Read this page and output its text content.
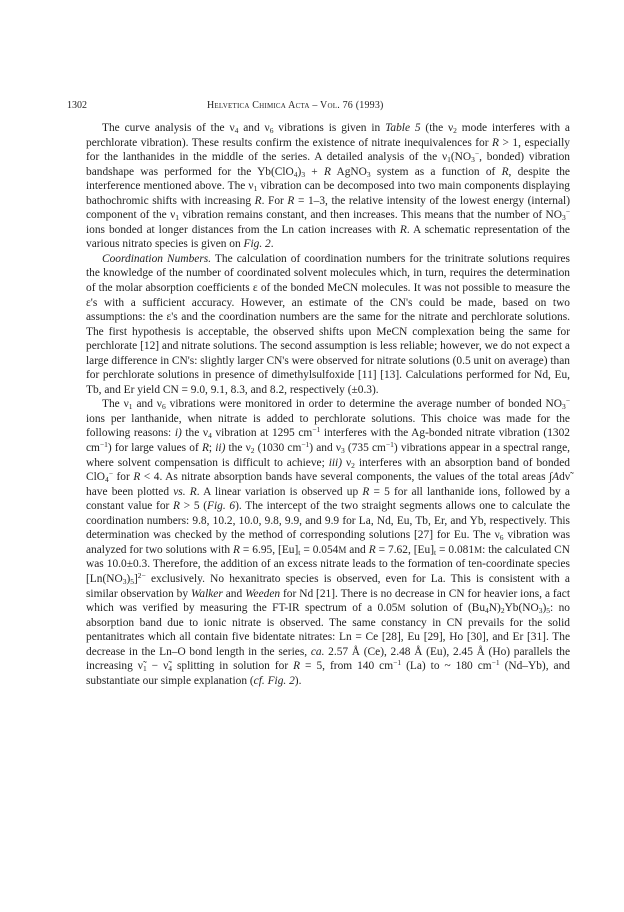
1302	Helvetica Chimica Acta – Vol. 76 (1993)

The curve analysis of the $\nu_4$ and $\nu_6$ vibrations is given in Table 5 (the $\nu_2$ mode interferes with a perchlorate vibration). These results confirm the existence of nitrate inequivalences for R > 1, especially for the lanthanides in the middle of the series. A detailed analysis of the $\nu_1(NO_3^-$, bonded) vibration bandshape was performed for the $Yb(ClO_4)_3 + R$ AgNO$_3$ system as a function of R, despite the interference mentioned above. The $\nu_1$ vibration can be decomposed into two main components displaying bathochromic shifts with increasing R. For R = 1–3, the relative intensity of the lowest energy (internal) component of the $\nu_1$ vibration remains constant, and then increases. This means that the number of $NO_3^-$ ions bonded at longer distances from the Ln cation increases with R. A schematic representation of the various nitrato species is given on Fig. 2.

Coordination Numbers. The calculation of coordination numbers for the trinitrate solutions requires the knowledge of the number of coordinated solvent molecules which, in turn, requires the determination of the molar absorption coefficients ε of the bonded MeCN molecules. It was not possible to measure the ε's with a sufficient accuracy. However, an estimate of the CN's could be made, based on two assumptions: the ε's and the coordination numbers are the same for the nitrate and perchlorate solutions. The first hypothesis is acceptable, the observed shifts upon MeCN complexation being the same for perchlorate [12] and nitrate solutions. The second assumption is less reliable; however, we do not expect a large difference in CN's: slightly larger CN's were observed for nitrate solutions (0.5 unit on average) than for perchlorate solutions in presence of dimethylsulfoxide [11] [13]. Calculations performed for Nd, Eu, Tb, and Er yield CN = 9.0, 9.1, 8.3, and 8.2, respectively (±0.3).

The $\nu_1$ and $\nu_6$ vibrations were monitored in order to determine the average number of bonded $NO_3^-$ ions per lanthanide, when nitrate is added to perchlorate solutions. This choice was made for the following reasons: i) the $\nu_4$ vibration at 1295 $cm^{-1}$ interferes with the Ag-bonded nitrate vibration (1302 $cm^{-1}$) for large values of R; ii) the $\nu_2$ (1030 $cm^{-1}$) and $\nu_3$ (735 $cm^{-1}$) vibrations appear in a spectral range, where solvent compensation is difficult to achieve; iii) $\nu_2$ interferes with an absorption band of bonded ClO$_4$− for R < 4. As nitrate absorption bands have several components, the values of the total areas ∫Adν̃ have been plotted vs. R. A linear variation is observed up R = 5 for all lanthanide ions, followed by a constant value for R > 5 (Fig. 6). The intercept of the two straight segments allows one to calculate the coordination numbers: 9.8, 10.2, 10.0, 9.8, 9.9, and 9.9 for La, Nd, Eu, Tb, Er, and Yb, respectively. This determination was checked by the method of corresponding solutions [27] for Eu. The $\nu_6$ vibration was analyzed for two solutions with R = 6.95, $[Eu]_t = 0.054M$ and R = 7.62, $[Eu]_t = 0.081M$: the calculated CN was 10.0±0.3. Therefore, the addition of an excess nitrate leads to the formation of ten-coordinate species $[Ln(NO_3)_5]^{2-}$ exclusively. No hexanitrato species is observed, even for La. This is consistent with a similar observation by Walker and Weeden for Nd [21]. There is no decrease in CN for heavier ions, a fact which was verified by measuring the FT-IR spectrum of a 0.05M solution of $(Bu_4N)_2Yb(NO_3)_5$: no absorption band due to ionic nitrate is observed. The same constancy in CN prevails for the solid pentanitrates which all contain five bidentate nitrates: Ln = Ce [28], Eu [29], Ho [30], and Er [31]. The decrease in the Ln–O bond length in the series, ca. 2.57 Å (Ce), 2.48 Å (Eu), 2.45 Å (Ho) parallels the increasing $\nũ_1$ − $\nũ_4$ splitting in solution for R = 5, from 140 $cm^{-1}$ (La) to ~ 180 $cm^{-1}$ (Nd–Yb), and substantiate our simple explanation (cf. Fig. 2).
